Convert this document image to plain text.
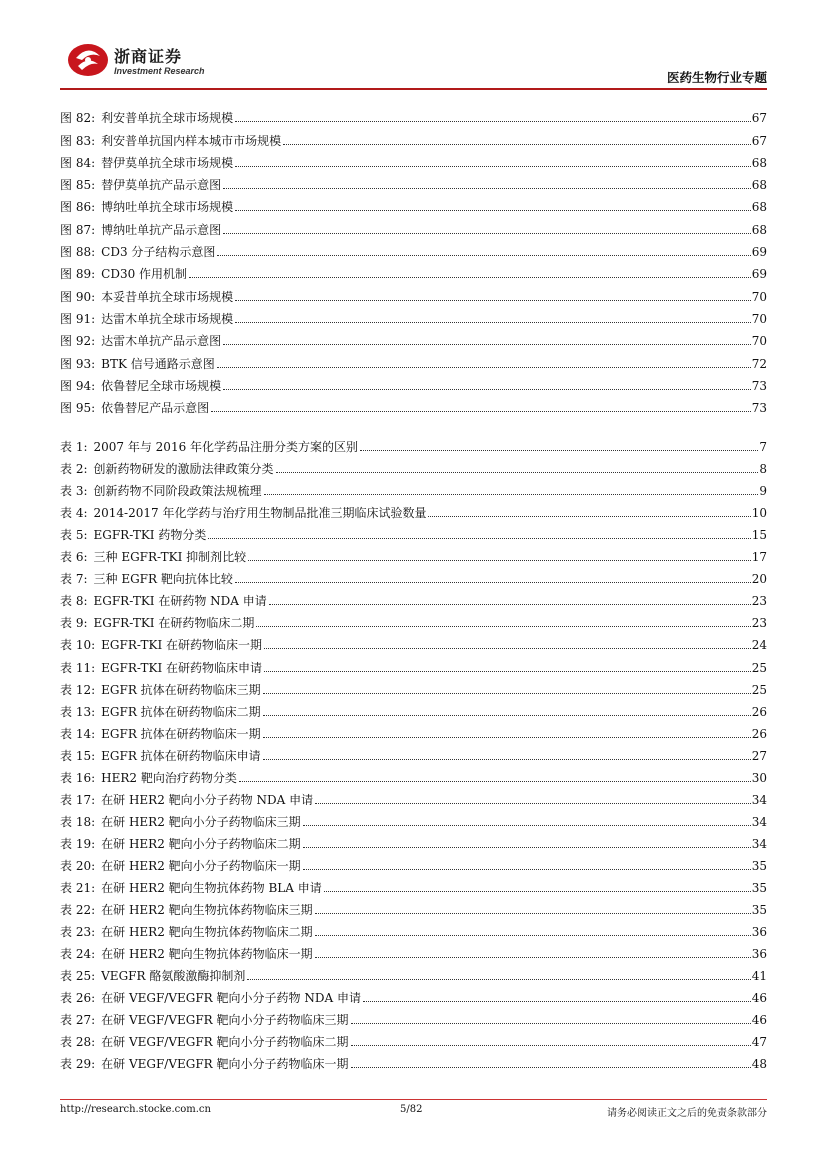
浙商证券
Investment Research	医药生物行业专题
图 82: 利安普单抗全球市场规模	67
图 83: 利安普单抗国内样本城市市场规模	67
图 84: 替伊莫单抗全球市场规模	68
图 85: 替伊莫单抗产品示意图	68
图 86: 博纳吐单抗全球市场规模	68
图 87: 博纳吐单抗产品示意图	68
图 88: CD3 分子结构示意图	69
图 89: CD30 作用机制	69
图 90: 本妥昔单抗全球市场规模	70
图 91: 达雷木单抗全球市场规模	70
图 92: 达雷木单抗产品示意图	70
图 93: BTK 信号通路示意图	72
图 94: 依鲁替尼全球市场规模	73
图 95: 依鲁替尼产品示意图	73
表 1: 2007 年与 2016 年化学药品注册分类方案的区别	7
表 2: 创新药物研发的激励法律政策分类	8
表 3: 创新药物不同阶段政策法规梳理	9
表 4: 2014-2017 年化学药与治疗用生物制品批准三期临床试验数量	10
表 5: EGFR-TKI 药物分类	15
表 6: 三种 EGFR-TKI 抑制剂比较	17
表 7: 三种 EGFR 靶向抗体比较	20
表 8: EGFR-TKI 在研药物 NDA 申请	23
表 9: EGFR-TKI 在研药物临床二期	23
表 10: EGFR-TKI 在研药物临床一期	24
表 11: EGFR-TKI 在研药物临床申请	25
表 12: EGFR 抗体在研药物临床三期	25
表 13: EGFR 抗体在研药物临床二期	26
表 14: EGFR 抗体在研药物临床一期	26
表 15: EGFR 抗体在研药物临床申请	27
表 16: HER2 靶向治疗药物分类	30
表 17: 在研 HER2 靶向小分子药物 NDA 申请	34
表 18: 在研 HER2 靶向小分子药物临床三期	34
表 19: 在研 HER2 靶向小分子药物临床二期	34
表 20: 在研 HER2 靶向小分子药物临床一期	35
表 21: 在研 HER2 靶向生物抗体药物 BLA 申请	35
表 22: 在研 HER2 靶向生物抗体药物临床三期	35
表 23: 在研 HER2 靶向生物抗体药物临床二期	36
表 24: 在研 HER2 靶向生物抗体药物临床一期	36
表 25: VEGFR 酪氨酸激酶抑制剂	41
表 26: 在研 VEGF/VEGFR 靶向小分子药物 NDA 申请	46
表 27: 在研 VEGF/VEGFR 靶向小分子药物临床三期	46
表 28: 在研 VEGF/VEGFR 靶向小分子药物临床二期	47
表 29: 在研 VEGF/VEGFR 靶向小分子药物临床一期	48
http://research.stocke.com.cn	5/82	请务必阅读正文之后的免责条款部分
